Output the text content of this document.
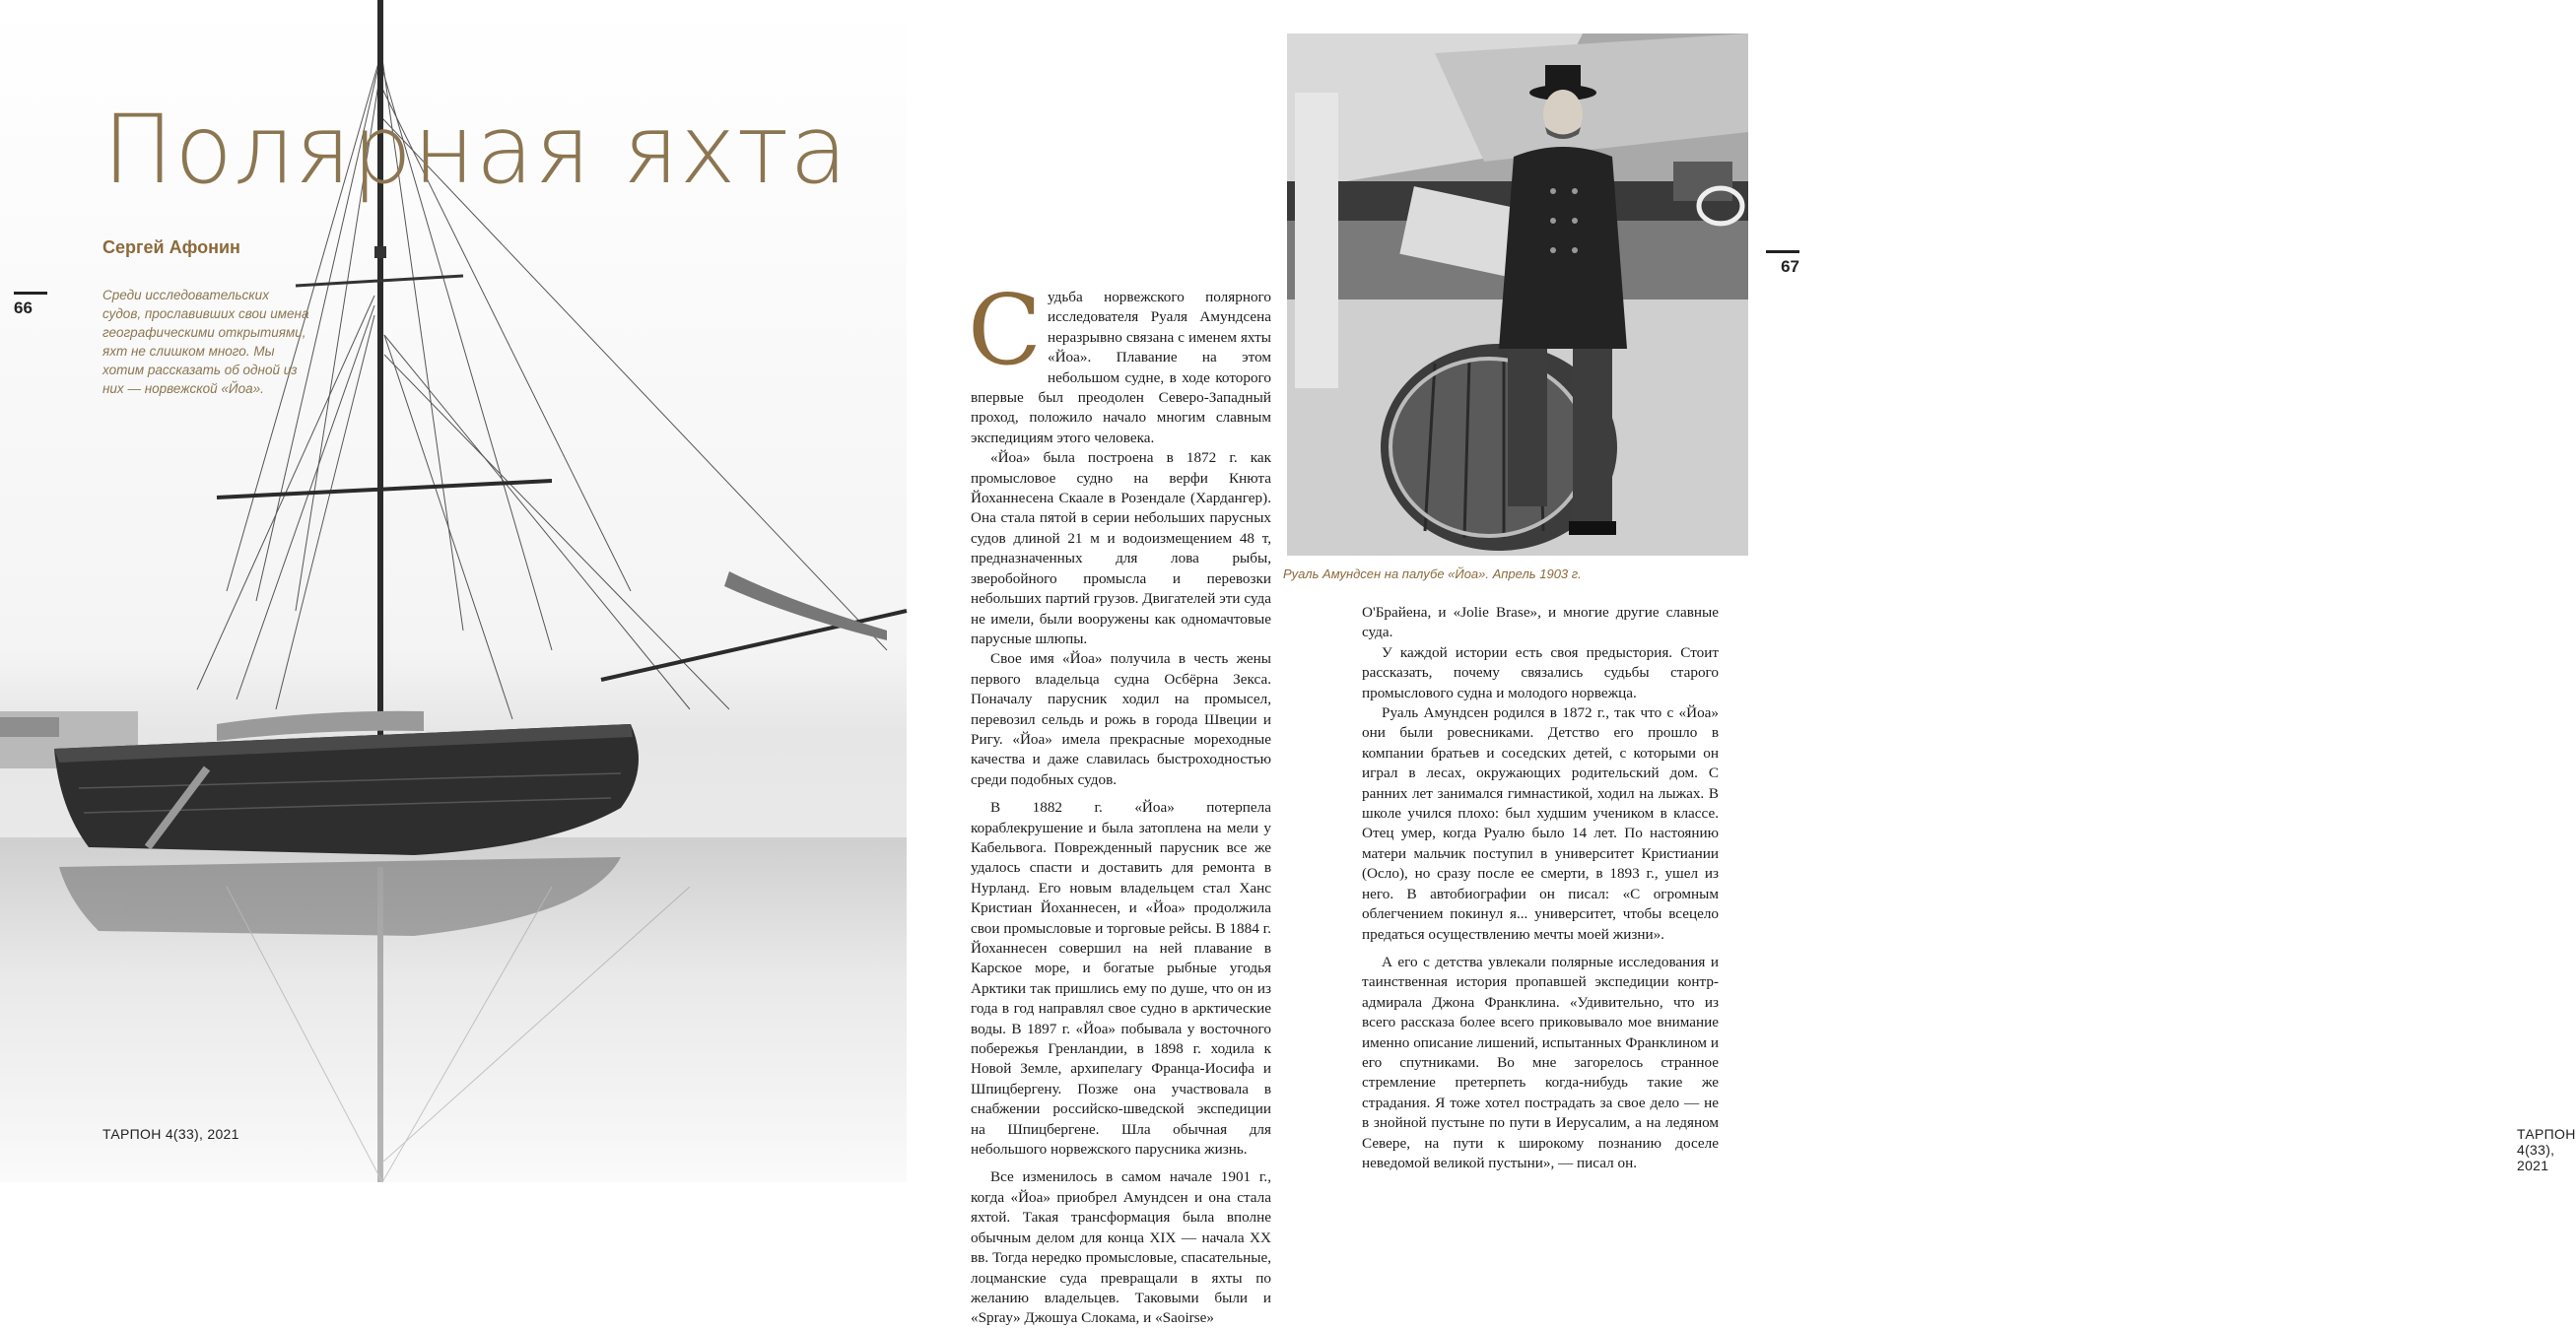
Полярная яхта
Сергей Афонин
Среди исследовательских судов, прославивших свои имена географическими открытиями, яхт не слишком много. Мы хотим рассказать об одной из них — норвежской «Йоа».
66
ТАРПОН 4(33), 2021
67
Руаль Амундсен на палубе «Йоа». Апрель 1903 г.

Судьба норвежского полярного исследователя Руаля Амундсена неразрывно связана с именем яхты «Йоа». Плавание на этом небольшом судне, в ходе которого впервые был преодолен Северо-Западный проход, положило начало многим славным экспедициям этого человека.

«Йоа» была построена в 1872 г. как промысловое судно на верфи Кнюта Йоханнесена Скаале в Розендале (Хардангер). Она стала пятой в серии небольших парусных судов длиной 21 м и водоизмещением 48 т, предназначенных для лова рыбы, зверобойного промысла и перевозки небольших партий грузов. Двигателей эти суда не имели, были вооружены как одномачтовые парусные шлюпы.

Свое имя «Йоа» получила в честь жены первого владельца судна Осбёрна Зекса. Поначалу парусник ходил на промысел, перевозил сельдь и рожь в города Швеции и Ригу. «Йоа» имела прекрасные мореходные качества и даже славилась быстроходностью среди подобных судов.

В 1882 г. «Йоа» потерпела кораблекрушение и была затоплена на мели у Кабельвога. Поврежденный парусник все же удалось спасти и доставить для ремонта в Нурланд. Его новым владельцем стал Ханс Кристиан Йоханнесен, и «Йоа» продолжила свои промысловые и торговые рейсы. В 1884 г. Йоханнесен совершил на ней плавание в Карское море, и богатые рыбные угодья Арктики так пришлись ему по душе, что он из года в год направлял свое судно в арктические воды. В 1897 г. «Йоа» побывала у восточного побережья Гренландии, в 1898 г. ходила к Новой Земле, архипелагу Франца-Иосифа и Шпицбергену. Позже она участвовала в снабжении российско-шведской экспедиции на Шпицбергене. Шла обычная для небольшого норвежского парусника жизнь.

Все изменилось в самом начале 1901 г., когда «Йоа» приобрел Амундсен и она стала яхтой. Такая трансформация была вполне обычным делом для конца XIX — начала XX вв. Тогда нередко промысловые, спасательные, лоцманские суда превращали в яхты по желанию владельцев. Таковыми были и «Spray» Джошуа Слокама, и «Saoirse»

О'Брайена, и «Jolie Brase», и многие другие славные суда.

У каждой истории есть своя предыстория. Стоит рассказать, почему связались судьбы старого промыслового судна и молодого норвежца.

Руаль Амундсен родился в 1872 г., так что с «Йоа» они были ровесниками. Детство его прошло в компании братьев и соседских детей, с которыми он играл в лесах, окружающих родительский дом. С ранних лет занимался гимнастикой, ходил на лыжах. В школе учился плохо: был худшим учеником в классе. Отец умер, когда Руалю было 14 лет. По настоянию матери мальчик поступил в университет Кристиании (Осло), но сразу после ее смерти, в 1893 г., ушел из него. В автобиографии он писал: «С огромным облегчением покинул я... университет, чтобы всецело предаться осуществлению мечты моей жизни».

А его с детства увлекали полярные исследования и таинственная история пропавшей экспедиции контр-адмирала Джона Франклина. «Удивительно, что из всего рассказа более всего приковывало мое внимание именно описание лишений, испытанных Франклином и его спутниками. Во мне загорелось странное стремление претерпеть когда-нибудь такие же страдания. Я тоже хотел пострадать за свое дело — не в знойной пустыне по пути в Иерусалим, а на ледяном Севере, на пути к широкому познанию доселе неведомой великой пустыни», — писал он.

ТАРПОН 4(33), 2021
